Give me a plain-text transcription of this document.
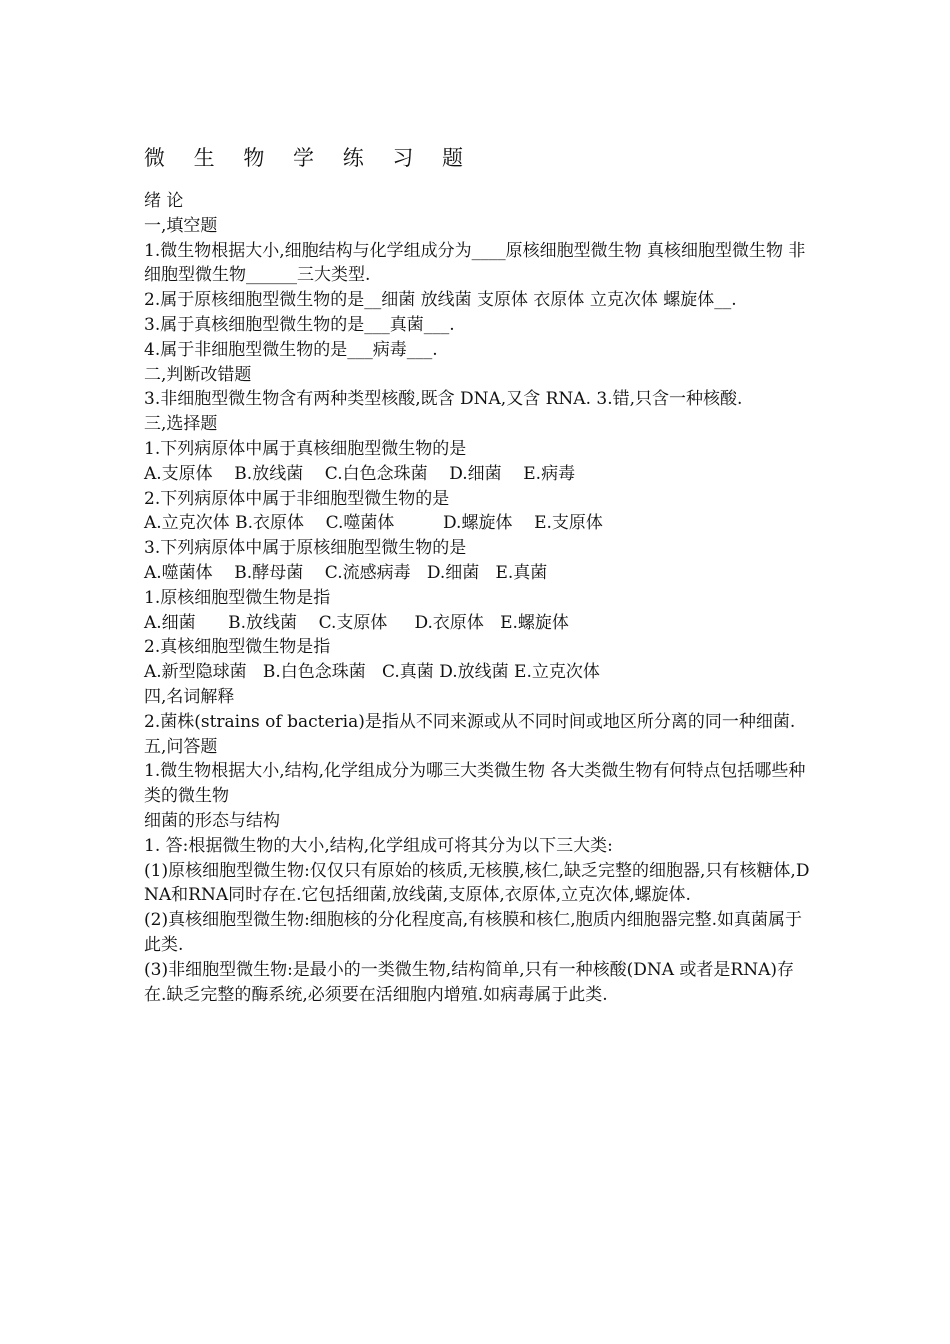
微 生 物 学 练 习 题

绪 论

一,填空题

1.微生物根据大小,细胞结构与化学组成分为____原核细胞型微生物 真核细胞型微生物 非细胞型微生物______三大类型.

2.属于原核细胞型微生物的是__细菌 放线菌 支原体 衣原体 立克次体 螺旋体__.

3.属于真核细胞型微生物的是___真菌___.

4.属于非细胞型微生物的是___病毒___.

二,判断改错题

3.非细胞型微生物含有两种类型核酸,既含 DNA,又含 RNA. 3.错,只含一种核酸.

三,选择题

1.下列病原体中属于真核细胞型微生物的是

A.支原体    B.放线菌    C.白色念珠菌    D.细菌    E.病毒

2.下列病原体中属于非细胞型微生物的是

A.立克次体 B.衣原体    C.噬菌体         D.螺旋体    E.支原体

3.下列病原体中属于原核细胞型微生物的是

A.噬菌体    B.酵母菌    C.流感病毒   D.细菌   E.真菌

1.原核细胞型微生物是指

A.细菌      B.放线菌    C.支原体     D.衣原体   E.螺旋体

2.真核细胞型微生物是指

A.新型隐球菌   B.白色念珠菌   C.真菌 D.放线菌 E.立克次体

四,名词解释

2.菌株(strains of bacteria)是指从不同来源或从不同时间或地区所分离的同一种细菌.

五,问答题

1.微生物根据大小,结构,化学组成分为哪三大类微生物 各大类微生物有何特点包括哪些种类的微生物

细菌的形态与结构

1. 答:根据微生物的大小,结构,化学组成可将其分为以下三大类:

(1)原核细胞型微生物:仅仅只有原始的核质,无核膜,核仁,缺乏完整的细胞器,只有核糖体,DNA和RNA同时存在.它包括细菌,放线菌,支原体,衣原体,立克次体,螺旋体.

(2)真核细胞型微生物:细胞核的分化程度高,有核膜和核仁,胞质内细胞器完整.如真菌属于此类.

(3)非细胞型微生物:是最小的一类微生物,结构简单,只有一种核酸(DNA 或者是RNA)存在.缺乏完整的酶系统,必须要在活细胞内增殖.如病毒属于此类.
